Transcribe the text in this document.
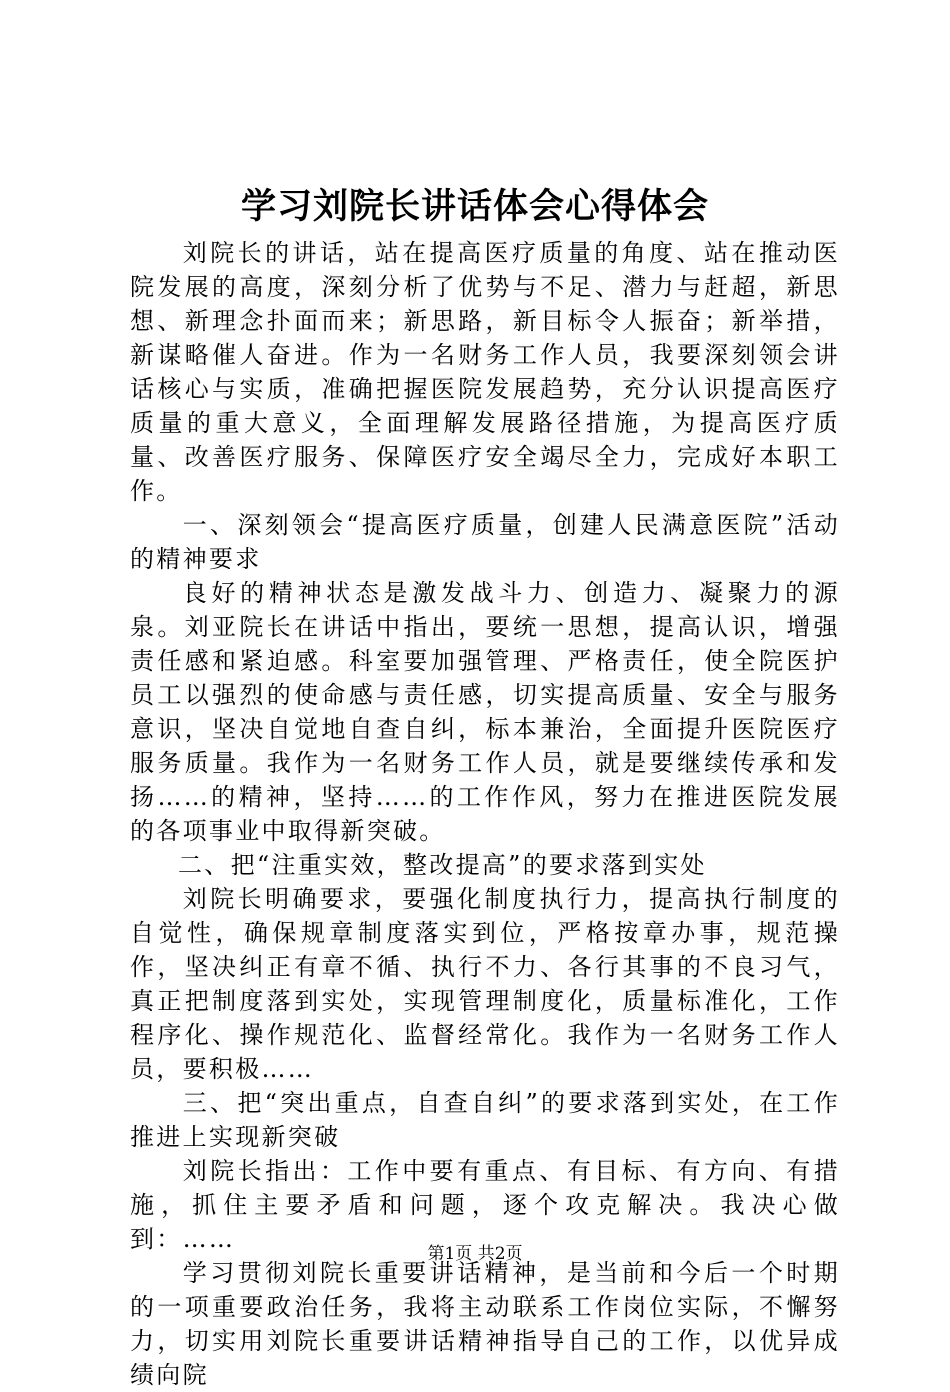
学习刘院长讲话体会心得体会

刘院长的讲话，站在提高医疗质量的角度、站在推动医院发展的高度，深刻分析了优势与不足、潜力与赶超，新思想、新理念扑面而来；新思路，新目标令人振奋；新举措，新谋略催人奋进。作为一名财务工作人员，我要深刻领会讲话核心与实质，准确把握医院发展趋势，充分认识提高医疗质量的重大意义，全面理解发展路径措施，为提高医疗质量、改善医疗服务、保障医疗安全竭尽全力，完成好本职工作。

一、深刻领会“提高医疗质量，创建人民满意医院”活动的精神要求

良好的精神状态是激发战斗力、创造力、凝聚力的源泉。刘亚院长在讲话中指出，要统一思想，提高认识，增强责任感和紧迫感。科室要加强管理、严格责任，使全院医护员工以强烈的使命感与责任感，切实提高质量、安全与服务意识，坚决自觉地自查自纠，标本兼治，全面提升医院医疗服务质量。我作为一名财务工作人员，就是要继续传承和发扬……的精神，坚持……的工作作风，努力在推进医院发展的各项事业中取得新突破。

二、把“注重实效，整改提高”的要求落到实处

刘院长明确要求，要强化制度执行力，提高执行制度的自觉性，确保规章制度落实到位，严格按章办事，规范操作，坚决纠正有章不循、执行不力、各行其事的不良习气，真正把制度落到实处，实现管理制度化，质量标准化，工作程序化、操作规范化、监督经常化。我作为一名财务工作人员，要积极……

三、把“突出重点，自查自纠”的要求落到实处，在工作推进上实现新突破

刘院长指出：工作中要有重点、有目标、有方向、有措施，抓住主要矛盾和问题，逐个攻克解决。我决心做到：……

学习贯彻刘院长重要讲话精神，是当前和今后一个时期的一项重要政治任务，我将主动联系工作岗位实际，不懈努力，切实用刘院长重要讲话精神指导自己的工作，以优异成绩向院

第1页 共2页
